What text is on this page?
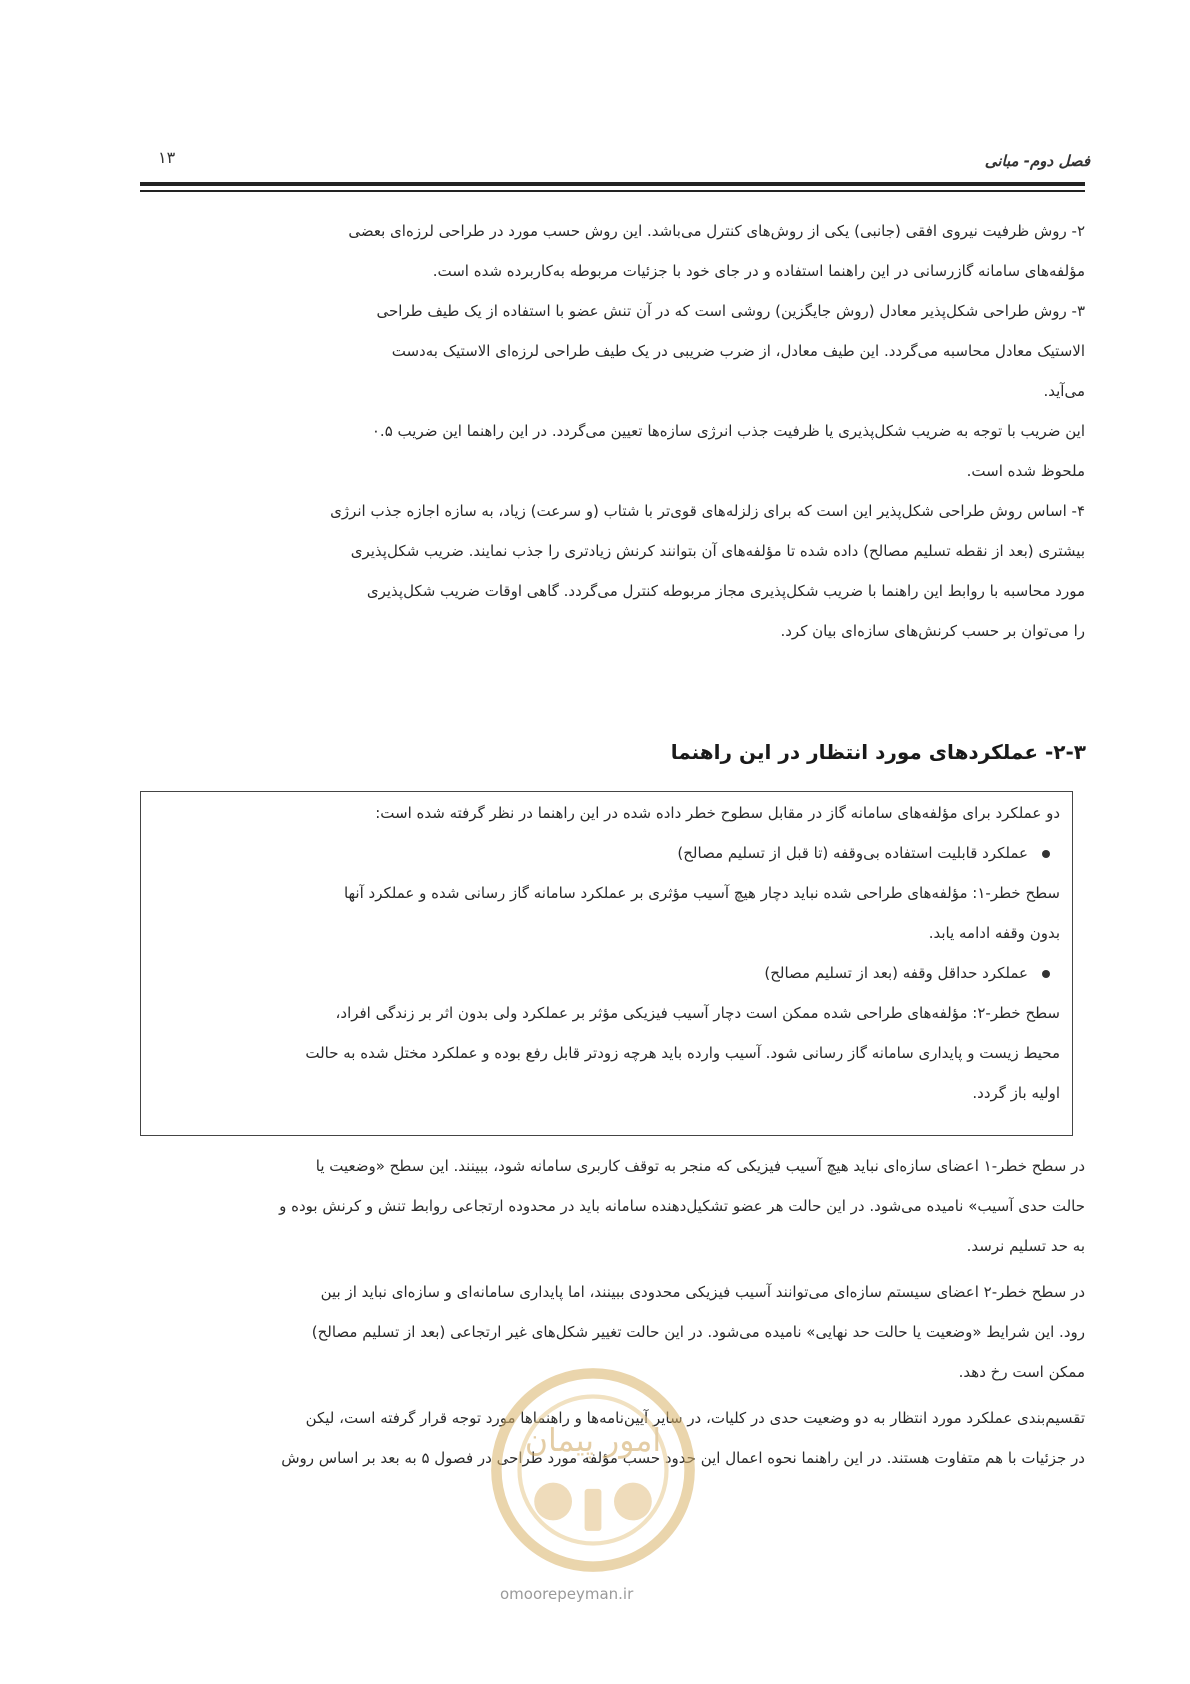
فصل دوم- مبانی
۱۳
۲- روش ظرفیت نیروی افقی (جانبی) یکی از روش‌های کنترل می‌باشد. این روش حسب مورد در طراحی لرزه‌ای بعضی
مؤلفه‌های سامانه گازرسانی در این راهنما استفاده و در جای خود با جزئیات مربوطه به‌کاربرده شده است.
۳- روش طراحی شکل‌پذیر معادل (روش جایگزین) روشی است که در آن تنش عضو با استفاده از یک طیف طراحی
الاستیک معادل محاسبه می‌گردد. این طیف معادل، از ضرب ضریبی در یک طیف طراحی لرزه‌ای الاستیک به‌دست
می‌آید.
این ضریب با توجه به ضریب شکل‌پذیری یا ظرفیت جذب انرژی سازه‌ها تعیین می‌گردد. در این راهنما این ضریب ۰.۵
ملحوظ شده است.
۴- اساس روش طراحی شکل‌پذیر این است که برای زلزله‌های قوی‌تر با شتاب (و سرعت) زیاد، به سازه اجازه جذب انرژی
بیشتری (بعد از نقطه تسلیم مصالح) داده شده تا مؤلفه‌های آن بتوانند کرنش زیادتری را جذب نمایند. ضریب شکل‌پذیری
مورد محاسبه با روابط این راهنما با ضریب شکل‌پذیری مجاز مربوطه کنترل می‌گردد. گاهی اوقات ضریب شکل‌پذیری
را می‌توان بر حسب کرنش‌های سازه‌ای بیان کرد.
۲-۳- عملکردهای مورد انتظار در این راهنما
دو عملکرد برای مؤلفه‌های سامانه گاز در مقابل سطوح خطر داده شده در این راهنما در نظر گرفته شده است:
عملکرد قابلیت استفاده بی‌وقفه (تا قبل از تسلیم مصالح)
سطح خطر-۱: مؤلفه‌های طراحی شده نباید دچار هیچ آسیب مؤثری بر عملکرد سامانه گاز رسانی شده و عملکرد آنها
بدون وقفه ادامه یابد.
عملکرد حداقل وقفه (بعد از تسلیم مصالح)
سطح خطر-۲: مؤلفه‌های طراحی شده ممکن است دچار آسیب فیزیکی مؤثر بر عملکرد ولی بدون اثر بر زندگی افراد،
محیط زیست و پایداری سامانه گاز رسانی شود. آسیب وارده باید هرچه زودتر قابل رفع بوده و عملکرد مختل شده به حالت
اولیه باز گردد.
در سطح خطر-۱ اعضای سازه‌ای نباید هیچ آسیب فیزیکی که منجر به توقف کاربری سامانه شود، ببینند. این سطح «وضعیت یا
حالت حدی آسیب» نامیده می‌شود. در این حالت هر عضو تشکیل‌دهنده سامانه باید در محدوده ارتجاعی روابط تنش و کرنش بوده و
به حد تسلیم نرسد.
در سطح خطر-۲ اعضای سیستم سازه‌ای می‌توانند آسیب فیزیکی محدودی ببینند، اما پایداری سامانه‌ای و سازه‌ای نباید از بین
رود. این شرایط «وضعیت یا حالت حد نهایی» نامیده می‌شود. در این حالت تغییر شکل‌های غیر ارتجاعی (بعد از تسلیم مصالح)
ممکن است رخ دهد.
تقسیم‌بندی عملکرد مورد انتظار به دو وضعیت حدی در کلیات، در سایر آیین‌نامه‌ها و راهنماها مورد توجه قرار گرفته است، لیکن
در جزئیات با هم متفاوت هستند. در این راهنما نحوه اعمال این حدود حسب مؤلفه مورد طراحی در فصول ۵ به بعد بر اساس روش
امور پیمان
omoorepeyman.ir
